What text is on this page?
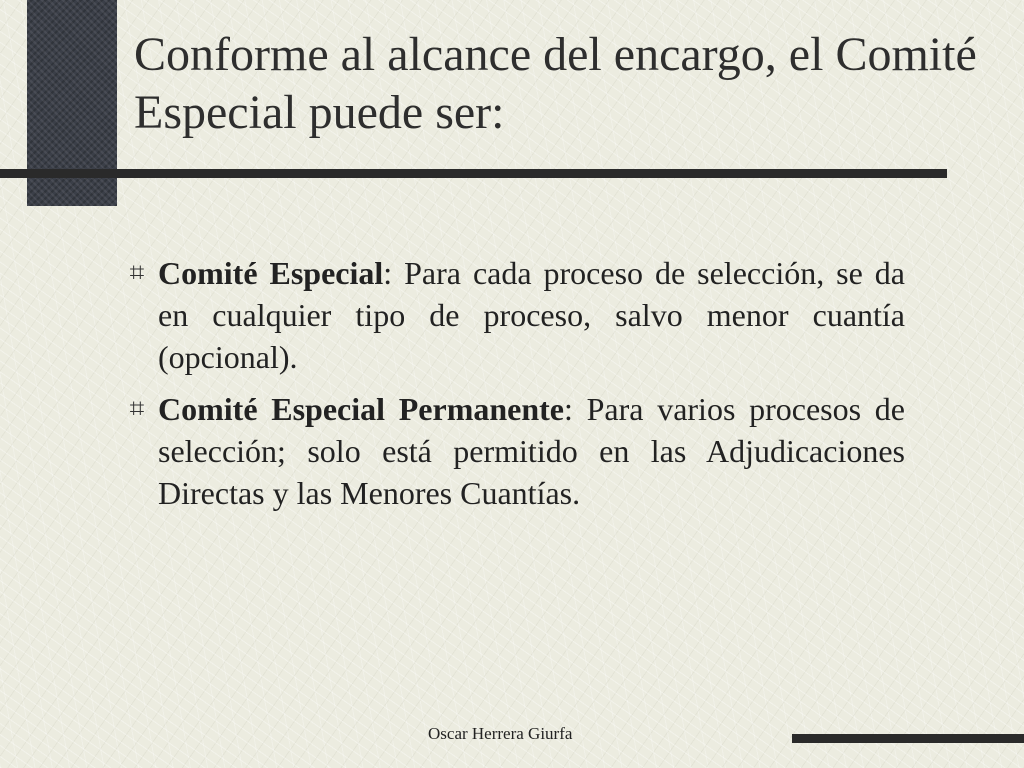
Conforme al alcance del encargo, el Comité Especial puede ser:
⌗ Comité Especial: Para cada proceso de selección, se da en cualquier tipo de proceso, salvo menor cuantía (opcional).
⌗ Comité Especial Permanente: Para varios procesos de selección; solo está permitido en las Adjudicaciones Directas y las Menores Cuantías.
Oscar Herrera Giurfa
